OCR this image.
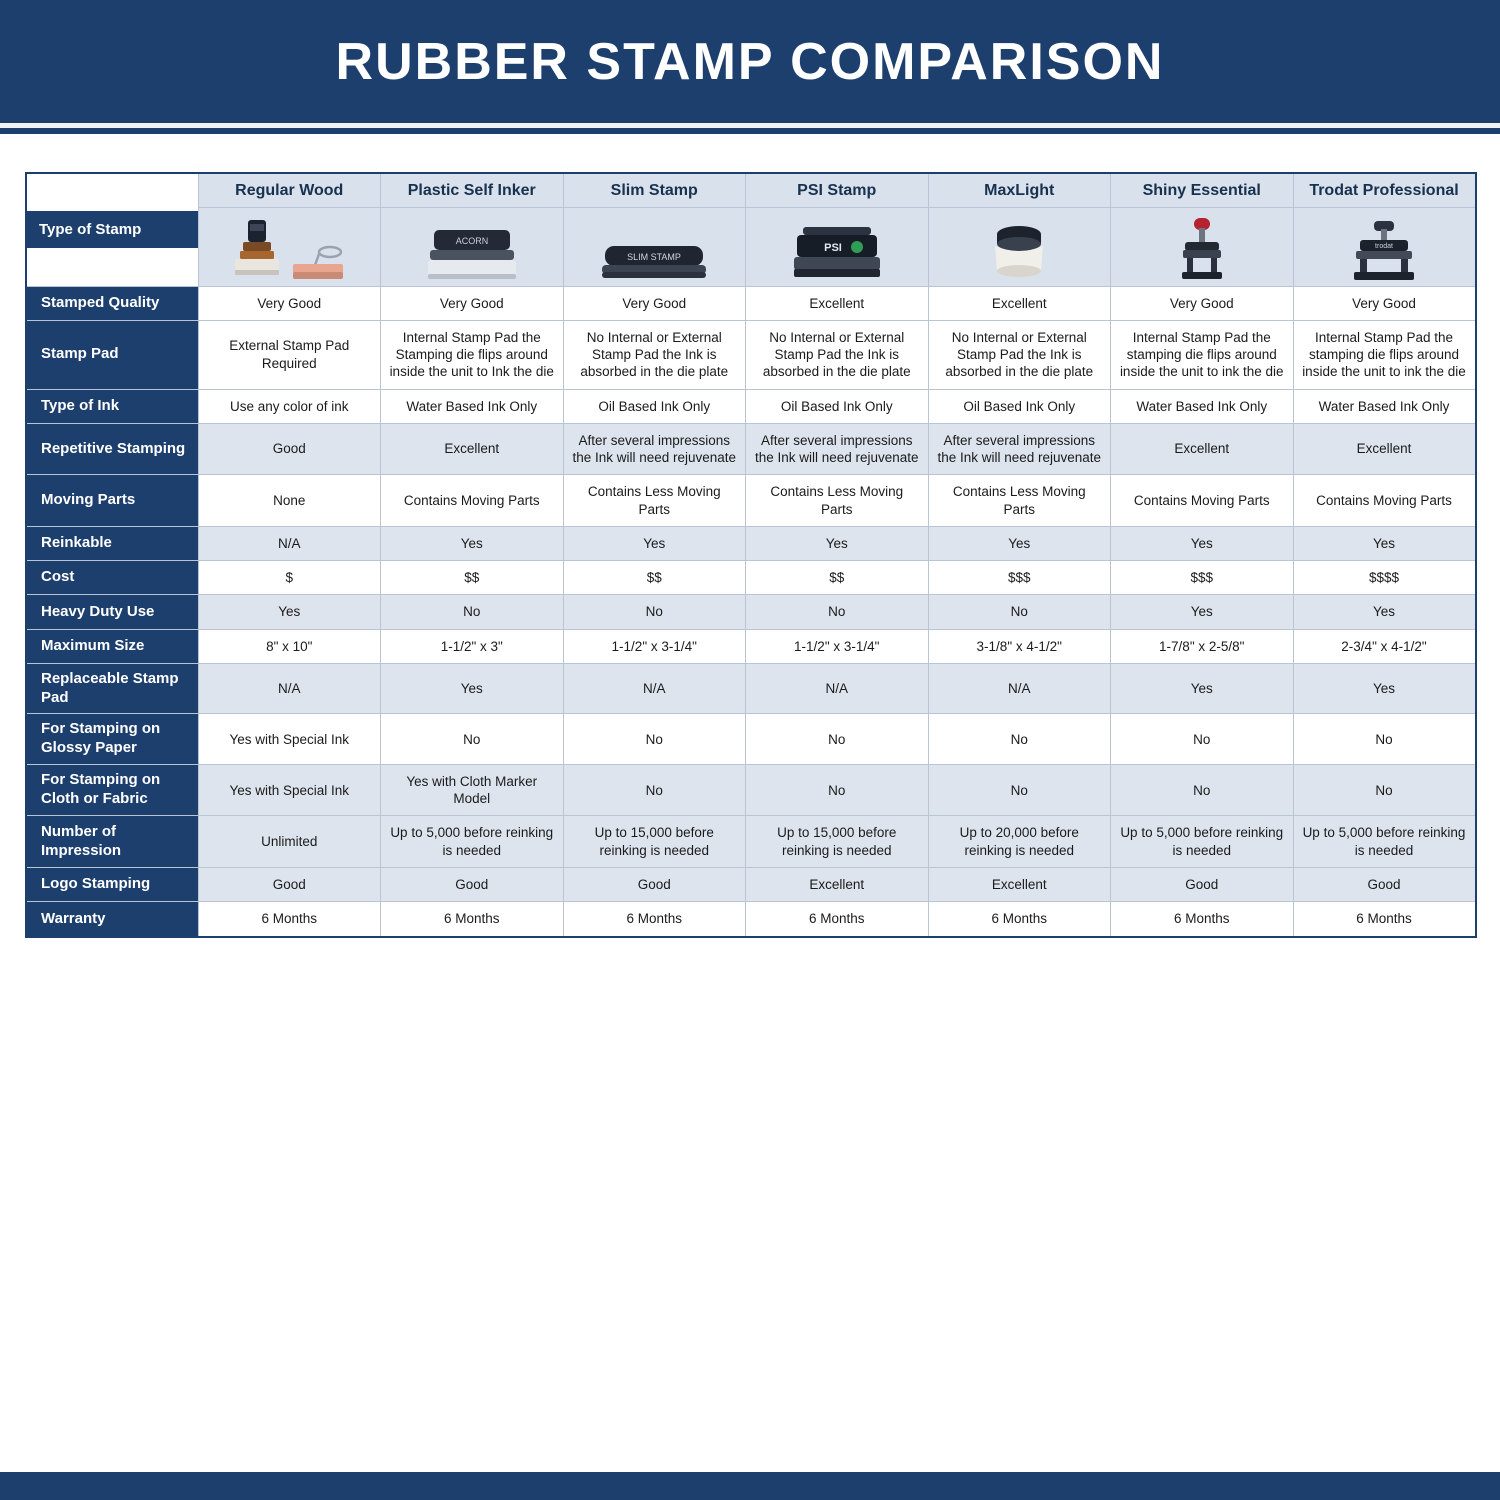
RUBBER STAMP COMPARISON
Type of Stamp	Regular Wood	Plastic Self Inker	Slim Stamp	PSI Stamp	MaxLight	Shiny Essential	Trodat Professional

ACORN	SLIM STAMP	PSI			trodat

Stamped Quality	Very Good	Very Good	Very Good	Excellent	Excellent	Very Good	Very Good
Stamp Pad	External Stamp Pad Required	Internal Stamp Pad the Stamping die flips around inside the unit to Ink the die	No Internal or External Stamp Pad the Ink is absorbed in the die plate	No Internal or External Stamp Pad the Ink is absorbed in the die plate	No Internal or External Stamp Pad the Ink is absorbed in the die plate	Internal Stamp Pad the stamping die flips around inside the unit to ink the die	Internal Stamp Pad the stamping die flips around inside the unit to ink the die
Type of Ink	Use any color of ink	Water Based Ink Only	Oil Based Ink Only	Oil Based Ink Only	Oil Based Ink Only	Water Based Ink Only	Water Based Ink Only
Repetitive Stamping	Good	Excellent	After several impressions the Ink will need rejuvenate	After several impressions the Ink will need rejuvenate	After several impressions the Ink will need rejuvenate	Excellent	Excellent
Moving Parts	None	Contains Moving Parts	Contains Less Moving Parts	Contains Less Moving Parts	Contains Less Moving Parts	Contains Moving Parts	Contains Moving Parts
Reinkable	N/A	Yes	Yes	Yes	Yes	Yes	Yes
Cost	$	$$	$$	$$	$$$	$$$	$$$$
Heavy Duty Use	Yes	No	No	No	No	Yes	Yes
Maximum Size	8" x 10"	1-1/2" x 3"	1-1/2" x 3-1/4"	1-1/2" x 3-1/4"	3-1/8" x 4-1/2"	1-7/8" x 2-5/8"	2-3/4" x 4-1/2"
Replaceable Stamp Pad	N/A	Yes	N/A	N/A	N/A	Yes	Yes
For Stamping on Glossy Paper	Yes with Special Ink	No	No	No	No	No	No
For Stamping on Cloth or Fabric	Yes with Special Ink	Yes with Cloth Marker Model	No	No	No	No	No
Number of Impression	Unlimited	Up to 5,000 before reinking is needed	Up to 15,000 before reinking is needed	Up to 15,000 before reinking is needed	Up to 20,000 before reinking is needed	Up to 5,000 before reinking is needed	Up to 5,000 before reinking is needed
Logo Stamping	Good	Good	Good	Excellent	Excellent	Good	Good
Warranty	6 Months	6 Months	6 Months	6 Months	6 Months	6 Months	6 Months
